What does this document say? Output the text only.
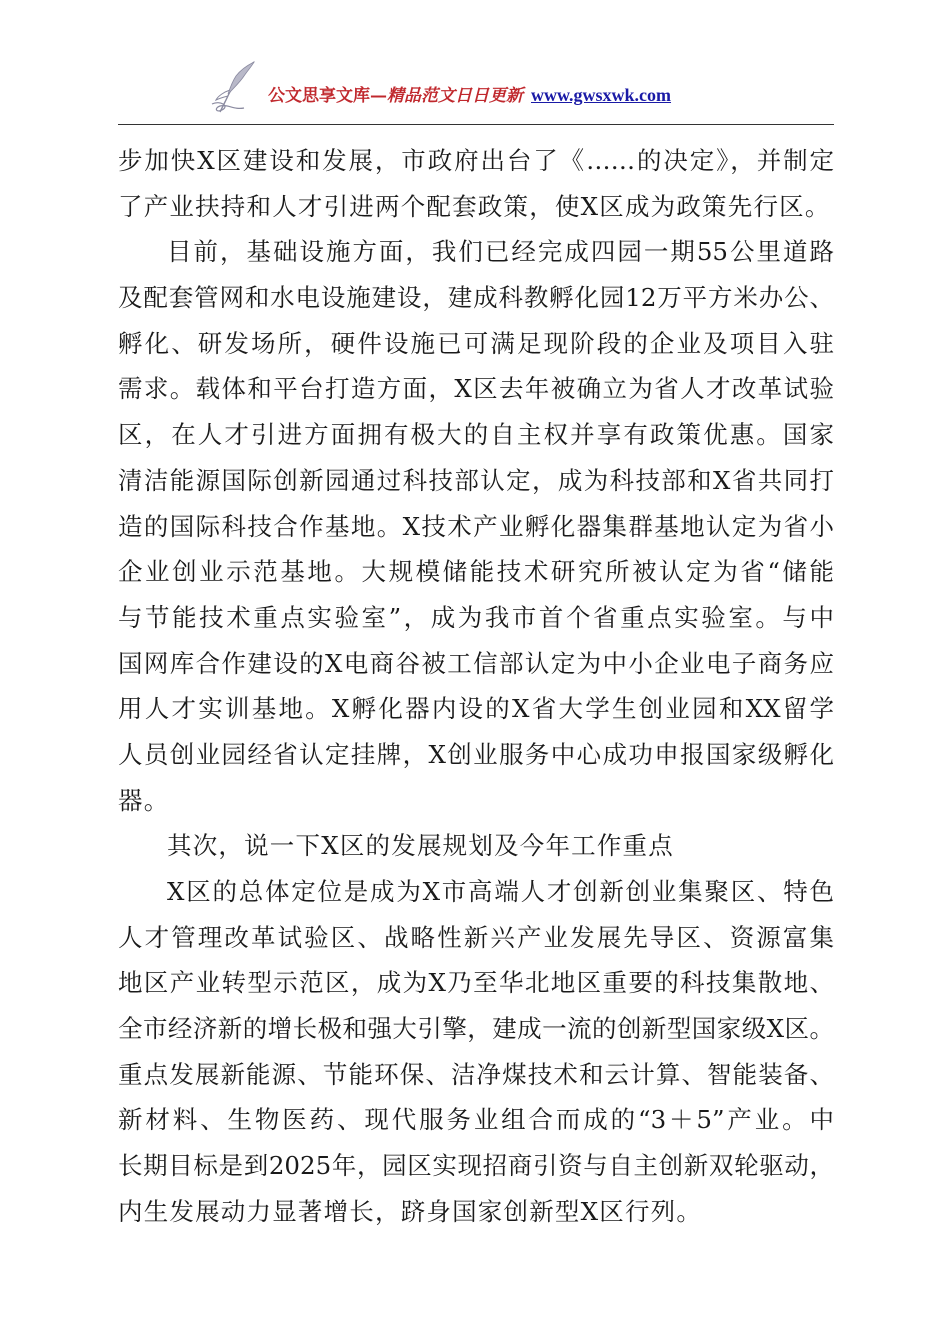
公文思享文库—精品范文日日更新 www.gwsxwk.com
步加快X区建设和发展，市政府出台了《……的决定》，并制定
了产业扶持和人才引进两个配套政策，使X区成为政策先行区。
目前，基础设施方面，我们已经完成四园一期55公里道路
及配套管网和水电设施建设，建成科教孵化园12万平方米办公、
孵化、研发场所，硬件设施已可满足现阶段的企业及项目入驻
需求。载体和平台打造方面，X区去年被确立为省人才改革试验
区，在人才引进方面拥有极大的自主权并享有政策优惠。国家
清洁能源国际创新园通过科技部认定，成为科技部和X省共同打
造的国际科技合作基地。X技术产业孵化器集群基地认定为省小
企业创业示范基地。大规模储能技术研究所被认定为省“储能
与节能技术重点实验室”，成为我市首个省重点实验室。与中
国网库合作建设的X电商谷被工信部认定为中小企业电子商务应
用人才实训基地。X孵化器内设的X省大学生创业园和XX留学
人员创业园经省认定挂牌，X创业服务中心成功申报国家级孵化
器。
其次，说一下X区的发展规划及今年工作重点
X区的总体定位是成为X市高端人才创新创业集聚区、特色
人才管理改革试验区、战略性新兴产业发展先导区、资源富集
地区产业转型示范区，成为X乃至华北地区重要的科技集散地、
全市经济新的增长极和强大引擎，建成一流的创新型国家级X区。
重点发展新能源、节能环保、洁净煤技术和云计算、智能装备、
新材料、生物医药、现代服务业组合而成的“3＋5”产业。中
长期目标是到2025年，园区实现招商引资与自主创新双轮驱动，
内生发展动力显著增长，跻身国家创新型X区行列。
